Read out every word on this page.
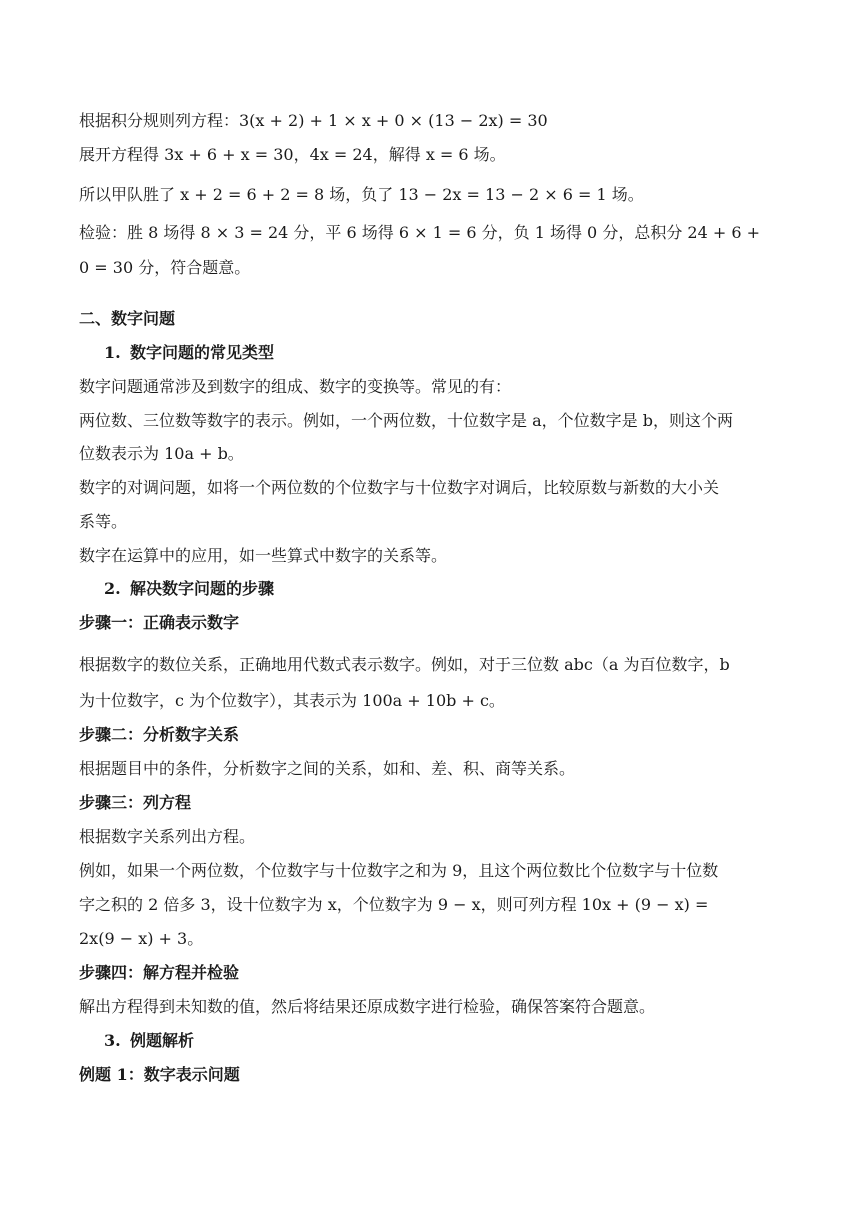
根据积分规则列方程：3(x + 2) + 1 × x + 0 × (13 − 2x) = 30
展开方程得 3x + 6 + x = 30，4x = 24，解得 x = 6 场。
所以甲队胜了 x + 2 = 6 + 2 = 8 场，负了 13 − 2x = 13 − 2 × 6 = 1 场。
检验：胜 8 场得 8 × 3 = 24 分，平 6 场得 6 × 1 = 6 分，负 1 场得 0 分，总积分 24 + 6 +
0 = 30 分，符合题意。
二、数字问题
1. 数字问题的常见类型
数字问题通常涉及到数字的组成、数字的变换等。常见的有：
两位数、三位数等数字的表示。例如，一个两位数，十位数字是 a，个位数字是 b，则这个两
位数表示为 10a + b。
数字的对调问题，如将一个两位数的个位数字与十位数字对调后，比较原数与新数的大小关
系等。
数字在运算中的应用，如一些算式中数字的关系等。
2. 解决数字问题的步骤
步骤一：正确表示数字
根据数字的数位关系，正确地用代数式表示数字。例如，对于三位数 abc（a 为百位数字，b
为十位数字，c 为个位数字），其表示为 100a + 10b + c。
步骤二：分析数字关系
根据题目中的条件，分析数字之间的关系，如和、差、积、商等关系。
步骤三：列方程
根据数字关系列出方程。
例如，如果一个两位数，个位数字与十位数字之和为 9，且这个两位数比个位数字与十位数
字之积的 2 倍多 3，设十位数字为 x，个位数字为 9 − x，则可列方程 10x + (9 − x) =
2x(9 − x) + 3。
步骤四：解方程并检验
解出方程得到未知数的值，然后将结果还原成数字进行检验，确保答案符合题意。
3. 例题解析
例题 1：数字表示问题
